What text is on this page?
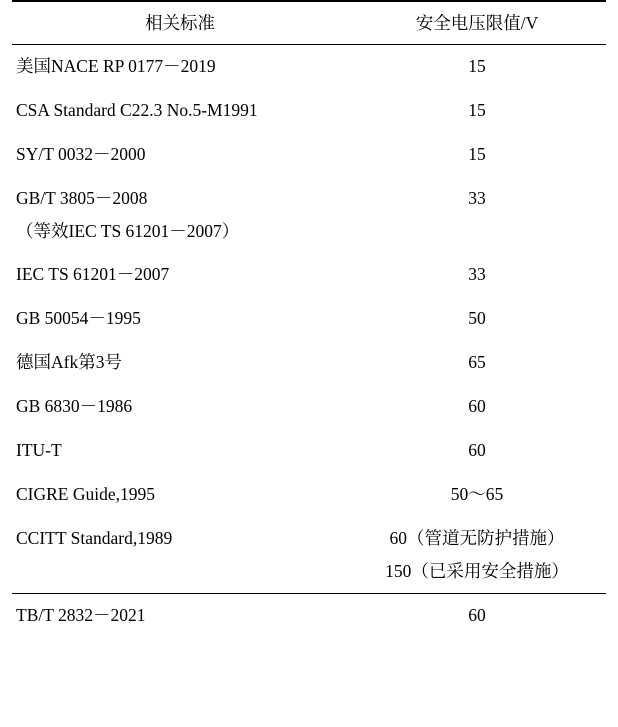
相关标准	安全电压限值/V
美国NACE RP 0177－2019	15
CSA Standard C22.3 No.5-M1991	15
SY/T 0032－2000	15
GB/T 3805－2008	33
（等效IEC TS 61201－2007）	
IEC TS 61201－2007	33
GB 50054－1995	50
德国Afk第3号	65
GB 6830－1986	60
ITU-T	60
CIGRE Guide,1995	50～65
CCITT Standard,1989	60（管道无防护措施）
	150（已采用安全措施）

TB/T 2832－2021	60
